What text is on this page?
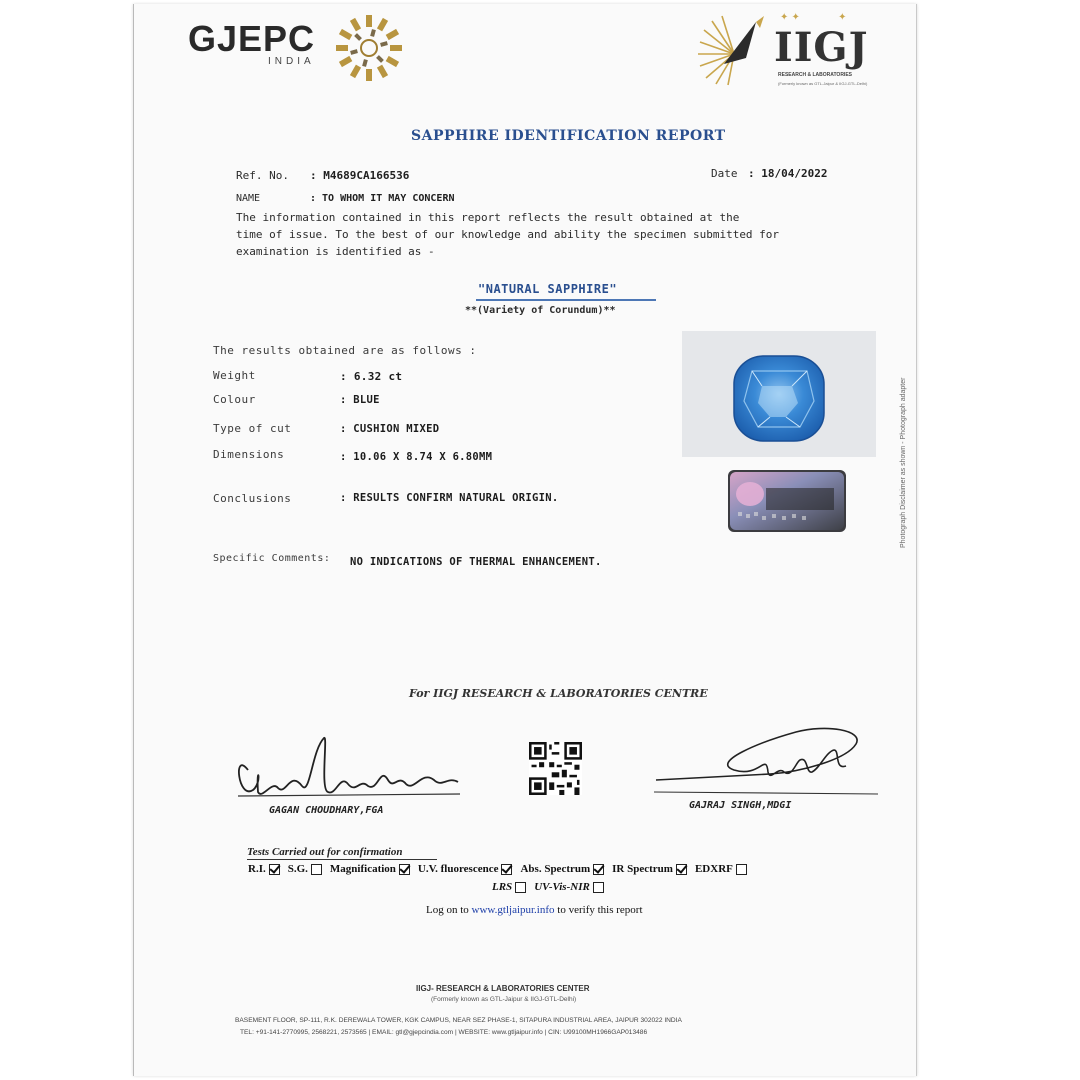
GJEPC
INDIA
✦ ✦            ✦
IIGJ
RESEARCH & LABORATORIES
(Formerly known as GTL-Jaipur & IIGJ-GTL-Delhi)
SAPPHIRE IDENTIFICATION REPORT
Ref. No. : M4689CA166536	Date : 18/04/2022
NAME	: TO WHOM IT MAY CONCERN
The information contained in this report reflects the result obtained at the
time of issue. To the best of our knowledge and ability the specimen submitted for
examination is identified as -
"NATURAL SAPPHIRE"
**(Variety of Corundum)**
The results obtained are as follows :
Weight	: 6.32 ct
Colour	: BLUE
Type of cut	: CUSHION MIXED
Dimensions	: 10.06 X 8.74 X 6.80MM
Conclusions	: RESULTS CONFIRM NATURAL ORIGIN.
Specific Comments: NO INDICATIONS OF THERMAL ENHANCEMENT.
Photograph Disclaimer as shown - Photograph adapter
For IIGJ RESEARCH & LABORATORIES CENTRE
GAGAN CHOUDHARY,FGA	GAJRAJ SINGH,MDGI
Tests Carried out for confirmation
R.I. S.G. Magnification U.V. fluorescence Abs. Spectrum IR Spectrum EDXRF
LRS UV-Vis-NIR
Log on to www.gtljaipur.info to verify this report
IIGJ- RESEARCH & LABORATORIES CENTER
(Formerly known as GTL-Jaipur & IIGJ-GTL-Delhi)
BASEMENT FLOOR, SP-111, R.K. DEREWALA TOWER, KGK CAMPUS, NEAR SEZ PHASE-1, SITAPURA INDUSTRIAL AREA, JAIPUR 302022 INDIA
TEL: +91-141-2770995, 2568221, 2573565 | EMAIL: gtl@gjepcindia.com | WEBSITE: www.gtljaipur.info | CIN: U99100MH1966GAP013486
